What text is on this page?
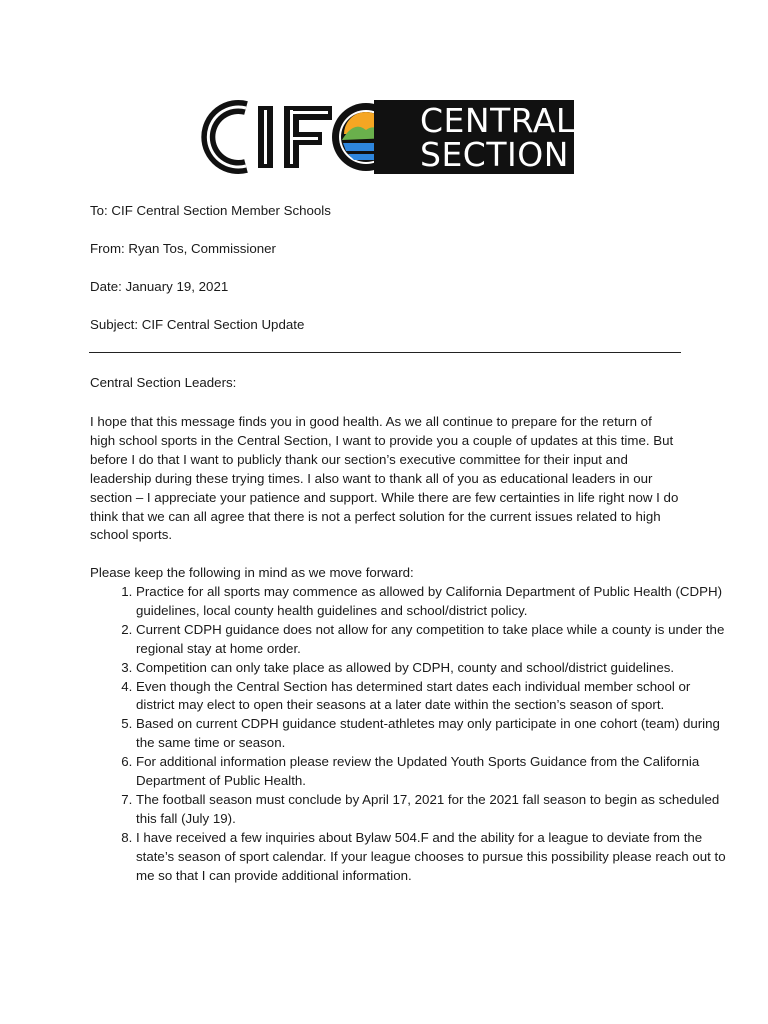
CENTRAL
SECTION
To: CIF Central Section Member Schools
From: Ryan Tos, Commissioner
Date: January 19, 2021
Subject: CIF Central Section Update
Central Section Leaders:
I hope that this message finds you in good health. As we all continue to prepare for the return of high school sports in the Central Section, I want to provide you a couple of updates at this time. But before I do that I want to publicly thank our section’s executive committee for their input and leadership during these trying times. I also want to thank all of you as educational leaders in our section – I appreciate your patience and support. While there are few certainties in life right now I do think that we can all agree that there is not a perfect solution for the current issues related to high school sports.
Please keep the following in mind as we move forward:
1. Practice for all sports may commence as allowed by California Department of Public Health (CDPH) guidelines, local county health guidelines and school/district policy.
2. Current CDPH guidance does not allow for any competition to take place while a county is under the regional stay at home order.
3. Competition can only take place as allowed by CDPH, county and school/district guidelines.
4. Even though the Central Section has determined start dates each individual member school or district may elect to open their seasons at a later date within the section’s season of sport.
5. Based on current CDPH guidance student-athletes may only participate in one cohort (team) during the same time or season.
6. For additional information please review the Updated Youth Sports Guidance from the California Department of Public Health.
7. The football season must conclude by April 17, 2021 for the 2021 fall season to begin as scheduled this fall (July 19).
8. I have received a few inquiries about Bylaw 504.F and the ability for a league to deviate from the state’s season of sport calendar. If your league chooses to pursue this possibility please reach out to me so that I can provide additional information.
